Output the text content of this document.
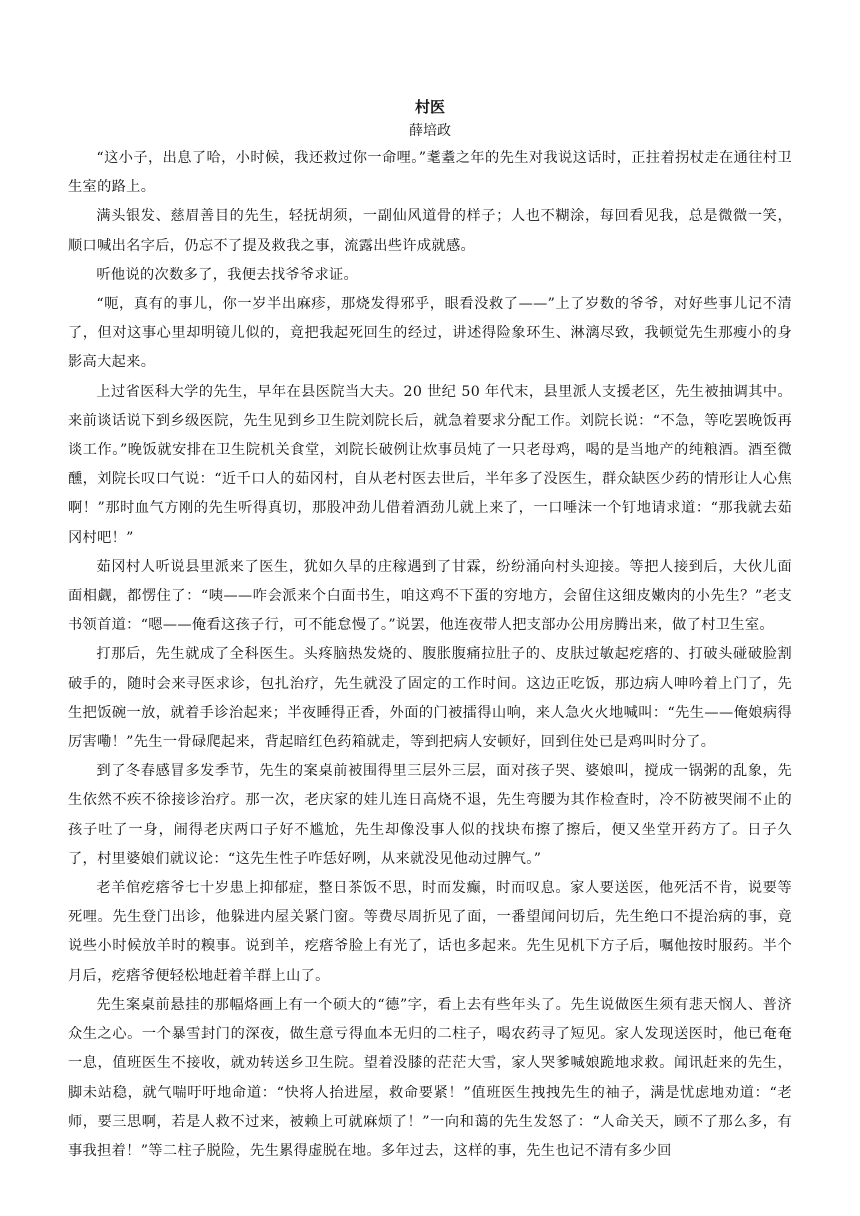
村医
薛培政

“这小子，出息了哈，小时候，我还救过你一命哩。”耄耋之年的先生对我说这话时，正拄着拐杖走在通往村卫生室的路上。

满头银发、慈眉善目的先生，轻抚胡须，一副仙风道骨的样子；人也不糊涂，每回看见我，总是微微一笑，顺口喊出名字后，仍忘不了提及救我之事，流露出些许成就感。

听他说的次数多了，我便去找爷爷求证。

“呃，真有的事儿，你一岁半出麻疹，那烧发得邪乎，眼看没救了——”上了岁数的爷爷，对好些事儿记不清了，但对这事心里却明镜儿似的，竟把我起死回生的经过，讲述得险象环生、淋漓尽致，我顿觉先生那瘦小的身影高大起来。

上过省医科大学的先生，早年在县医院当大夫。20 世纪 50 年代末，县里派人支援老区，先生被抽调其中。来前谈话说下到乡级医院，先生见到乡卫生院刘院长后，就急着要求分配工作。刘院长说：“不急，等吃罢晚饭再谈工作。”晚饭就安排在卫生院机关食堂，刘院长破例让炊事员炖了一只老母鸡，喝的是当地产的纯粮酒。酒至微醺，刘院长叹口气说：“近千口人的茹冈村，自从老村医去世后，半年多了没医生，群众缺医少药的情形让人心焦啊！”那时血气方刚的先生听得真切，那股冲劲儿借着酒劲儿就上来了，一口唾沫一个钉地请求道：“那我就去茹冈村吧！”

茹冈村人听说县里派来了医生，犹如久旱的庄稼遇到了甘霖，纷纷涌向村头迎接。等把人接到后，大伙儿面面相觑，都愣住了：“咦——咋会派来个白面书生，咱这鸡不下蛋的穷地方，会留住这细皮嫩肉的小先生？”老支书领首道：“嗯——俺看这孩子行，可不能怠慢了。”说罢，他连夜带人把支部办公用房腾出来，做了村卫生室。

打那后，先生就成了全科医生。头疼脑热发烧的、腹胀腹痛拉肚子的、皮肤过敏起疙瘩的、打破头碰破脸割破手的，随时会来寻医求诊，包扎治疗，先生就没了固定的工作时间。这边正吃饭，那边病人呻吟着上门了，先生把饭碗一放，就着手诊治起来；半夜睡得正香，外面的门被擂得山响，来人急火火地喊叫：“先生——俺娘病得厉害嘞！”先生一骨碌爬起来，背起暗红色药箱就走，等到把病人安顿好，回到住处已是鸡叫时分了。

到了冬春感冒多发季节，先生的案桌前被围得里三层外三层，面对孩子哭、婆娘叫，搅成一锅粥的乱象，先生依然不疾不徐接诊治疗。那一次，老庆家的娃儿连日高烧不退，先生弯腰为其作检查时，冷不防被哭闹不止的孩子吐了一身，闹得老庆两口子好不尴尬，先生却像没事人似的找块布擦了擦后，便又坐堂开药方了。日子久了，村里婆娘们就议论：“这先生性子咋恁好咧，从来就没见他动过脾气。”

老羊倌疙瘩爷七十岁患上抑郁症，整日茶饭不思，时而发癫，时而叹息。家人要送医，他死活不肯，说要等死哩。先生登门出诊，他躲进内屋关紧门窗。等费尽周折见了面，一番望闻问切后，先生绝口不提治病的事，竟说些小时候放羊时的糗事。说到羊，疙瘩爷脸上有光了，话也多起来。先生见机下方子后，嘱他按时服药。半个月后，疙瘩爷便轻松地赶着羊群上山了。

先生案桌前悬挂的那幅烙画上有一个硕大的“德”字，看上去有些年头了。先生说做医生须有悲天悯人、普济众生之心。一个暴雪封门的深夜，做生意亏得血本无归的二柱子，喝农药寻了短见。家人发现送医时，他已奄奄一息，值班医生不接收，就劝转送乡卫生院。望着没膝的茫茫大雪，家人哭爹喊娘跪地求救。闻讯赶来的先生，脚未站稳，就气喘吁吁地命道：“快将人抬进屋，救命要紧！”值班医生拽拽先生的袖子，满是忧虑地劝道：“老师，要三思啊，若是人救不过来，被赖上可就麻烦了！”一向和蔼的先生发怒了：“人命关天，顾不了那么多，有事我担着！”等二柱子脱险，先生累得虚脱在地。多年过去，这样的事，先生也记不清有多少回
